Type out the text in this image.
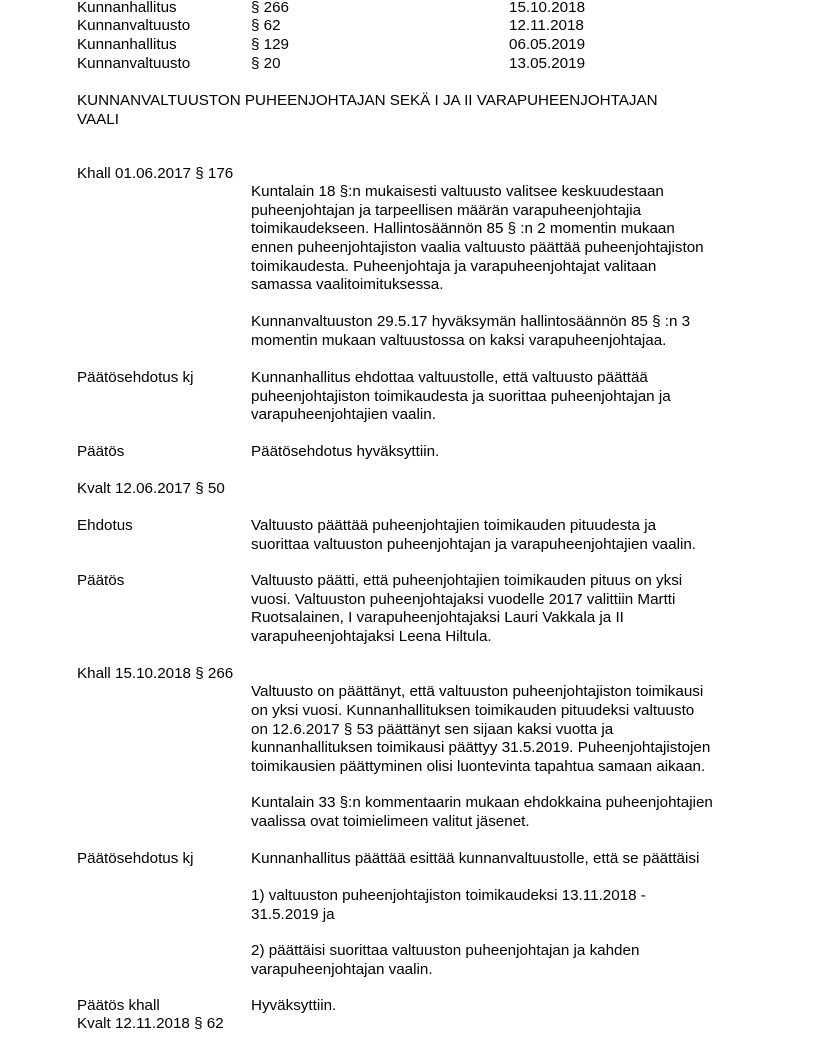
Kunnanhallitus	§ 266	15.10.2018
Kunnanvaltuusto	§ 62	12.11.2018
Kunnanhallitus	§ 129	06.05.2019
Kunnanvaltuusto	§ 20	13.05.2019
KUNNANVALTUUSTON PUHEENJOHTAJAN SEKÄ I JA II VARAPUHEENJOHTAJAN
VAALI
Khall 01.06.2017 § 176
Kuntalain 18 §:n mukaisesti valtuusto valitsee keskuudestaan
puheenjohtajan ja tarpeellisen määrän varapuheenjohtajia
toimikaudekseen. Hallintosäännön 85 § :n 2 momentin mukaan
ennen puheenjohtajiston vaalia valtuusto päättää puheenjohtajiston
toimikaudesta. Puheenjohtaja ja varapuheenjohtajat valitaan
samassa vaalitoimituksessa.
Kunnanvaltuuston 29.5.17 hyväksymän hallintosäännön 85 § :n 3
momentin mukaan valtuustossa on kaksi varapuheenjohtajaa.
Päätösehdotus kj	Kunnanhallitus ehdottaa valtuustolle, että valtuusto päättää
puheenjohtajiston toimikaudesta ja suorittaa puheenjohtajan ja
varapuheenjohtajien vaalin.
Päätös	Päätösehdotus hyväksyttiin.
Kvalt 12.06.2017 § 50
Ehdotus	Valtuusto päättää puheenjohtajien toimikauden pituudesta ja
suorittaa valtuuston puheenjohtajan ja varapuheenjohtajien vaalin.
Päätös	Valtuusto päätti, että puheenjohtajien toimikauden pituus on yksi
vuosi. Valtuuston puheenjohtajaksi vuodelle 2017 valittiin Martti
Ruotsalainen, I varapuheenjohtajaksi Lauri Vakkala ja II
varapuheenjohtajaksi Leena Hiltula.
Khall 15.10.2018 § 266
Valtuusto on päättänyt, että valtuuston puheenjohtajiston toimikausi
on yksi vuosi. Kunnanhallituksen toimikauden pituudeksi valtuusto
on 12.6.2017 § 53 päättänyt sen sijaan kaksi vuotta ja
kunnanhallituksen toimikausi päättyy 31.5.2019. Puheenjohtajistojen
toimikausien päättyminen olisi luontevinta tapahtua samaan aikaan.
Kuntalain 33 §:n kommentaarin mukaan ehdokkaina puheenjohtajien
vaalissa ovat toimielimeen valitut jäsenet.
Päätösehdotus kj	Kunnanhallitus päättää esittää kunnanvaltuustolle, että se päättäisi
1) valtuuston puheenjohtajiston toimikaudeksi 13.11.2018 -
31.5.2019 ja
2) päättäisi suorittaa valtuuston puheenjohtajan ja kahden
varapuheenjohtajan vaalin.
Päätös khall	Hyväksyttiin.
Kvalt 12.11.2018 § 62
